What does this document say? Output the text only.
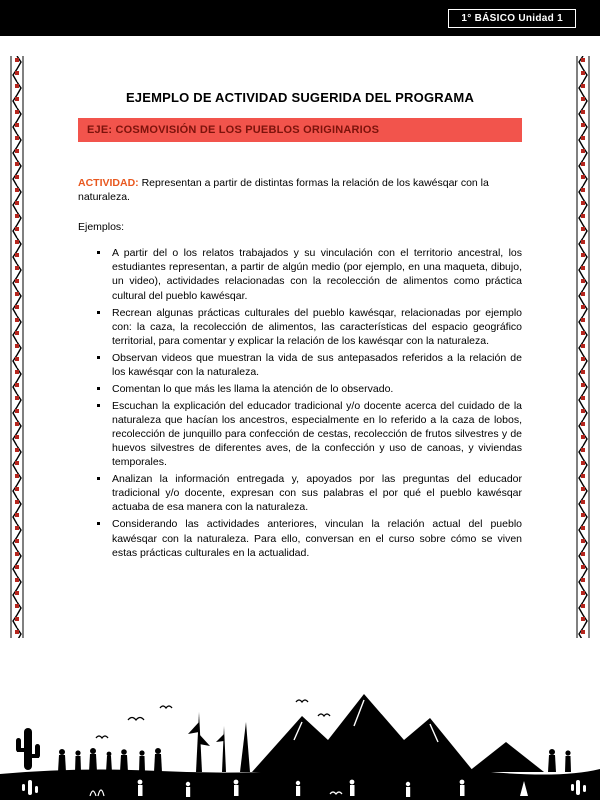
1° BÁSICO Unidad 1
EJEMPLO DE ACTIVIDAD SUGERIDA DEL PROGRAMA
EJE: COSMOVISIÓN DE LOS PUEBLOS ORIGINARIOS

ACTIVIDAD: Representan a partir de distintas formas la relación de los kawésqar con la naturaleza.

Ejemplos:

▪ A partir del o los relatos trabajados y su vinculación con el territorio ancestral, los estudiantes representan, a partir de algún medio (por ejemplo, en una maqueta, dibujo, un video), actividades relacionadas con la recolección de alimentos como práctica cultural del pueblo kawésqar.
▪ Recrean algunas prácticas culturales del pueblo kawésqar, relacionadas por ejemplo con: la caza, la recolección de alimentos, las características del espacio geográfico territorial, para comentar y explicar la relación de los kawésqar con la naturaleza.
▪ Observan videos que muestran la vida de sus antepasados referidos a la relación de los kawésqar con la naturaleza.
▪ Comentan lo que más les llama la atención de lo observado.
▪ Escuchan la explicación del educador tradicional y/o docente acerca del cuidado de la naturaleza que hacían los ancestros, especialmente en lo referido a la caza de lobos, recolección de junquillo para confección de cestas, recolección de frutos silvestres y de huevos silvestres de diferentes aves, de la confección y uso de canoas, y viviendas temporales.
▪ Analizan la información entregada y, apoyados por las preguntas del educador tradicional y/o docente, expresan con sus palabras el por qué el pueblo kawésqar actuaba de esa manera con la naturaleza.
▪ Considerando las actividades anteriores, vinculan la relación actual del pueblo kawésqar con la naturaleza. Para ello, conversan en el curso sobre cómo se viven estas prácticas culturales en la actualidad.
